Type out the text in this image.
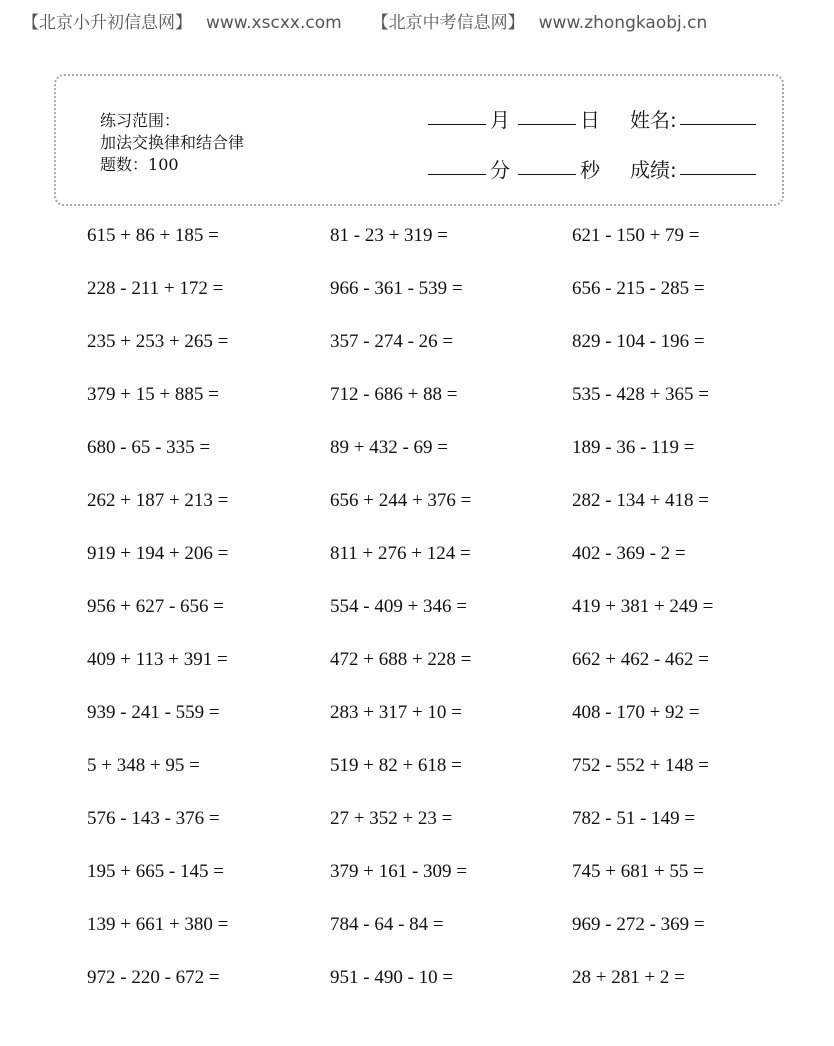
【北京小升初信息网】 www.xscxx.com 【北京中考信息网】 www.zhongkaobj.cn
练习范围：
加法交换律和结合律
题数：100
月	日 姓名:
分	秒 成绩:
615 + 86 + 185 =	81 - 23 + 319 =	621 - 150 + 79 =
228 - 211 + 172 =	966 - 361 - 539 =	656 - 215 - 285 =
235 + 253 + 265 =	357 - 274 - 26 =	829 - 104 - 196 =
379 + 15 + 885 =	712 - 686 + 88 =	535 - 428 + 365 =
680 - 65 - 335 =	89 + 432 - 69 =	189 - 36 - 119 =
262 + 187 + 213 =	656 + 244 + 376 =	282 - 134 + 418 =
919 + 194 + 206 =	811 + 276 + 124 =	402 - 369 - 2 =
956 + 627 - 656 =	554 - 409 + 346 =	419 + 381 + 249 =
409 + 113 + 391 =	472 + 688 + 228 =	662 + 462 - 462 =
939 - 241 - 559 =	283 + 317 + 10 =	408 - 170 + 92 =
5 + 348 + 95 =	519 + 82 + 618 =	752 - 552 + 148 =
576 - 143 - 376 =	27 + 352 + 23 =	782 - 51 - 149 =
195 + 665 - 145 =	379 + 161 - 309 =	745 + 681 + 55 =
139 + 661 + 380 =	784 - 64 - 84 =	969 - 272 - 369 =
972 - 220 - 672 =	951 - 490 - 10 =	28 + 281 + 2 =
